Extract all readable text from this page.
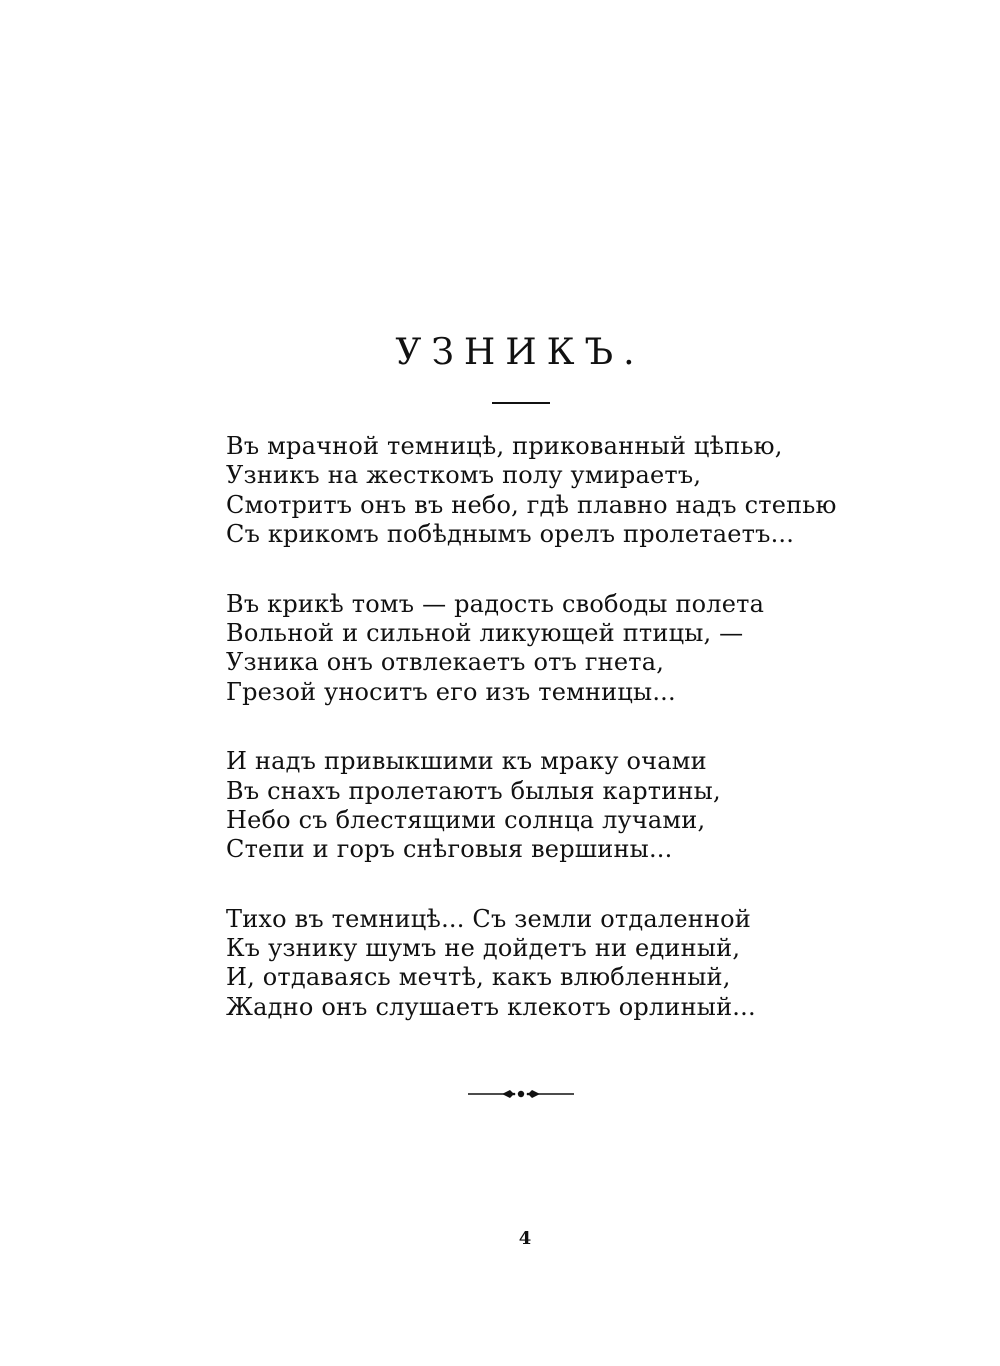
УЗНИКЪ.
Въ мрачной темницѣ, прикованный цѣпью,
Узникъ на жесткомъ полу умираетъ,
Смотритъ онъ въ небо, гдѣ плавно надъ степью
Съ крикомъ побѣднымъ орелъ пролетаетъ...
Въ крикѣ томъ — радость свободы полета
Вольной и сильной ликующей птицы, —
Узника онъ отвлекаетъ отъ гнета,
Грезой уноситъ его изъ темницы...
И надъ привыкшими къ мраку очами
Въ снахъ пролетаютъ былыя картины,
Небо съ блестящими солнца лучами,
Степи и горъ снѣговыя вершины...
Тихо въ темницѣ... Съ земли отдаленной
Къ узнику шумъ не дойдетъ ни единый,
И, отдаваясь мечтѣ, какъ влюбленный,
Жадно онъ слушаетъ клекотъ орлиный...
4
